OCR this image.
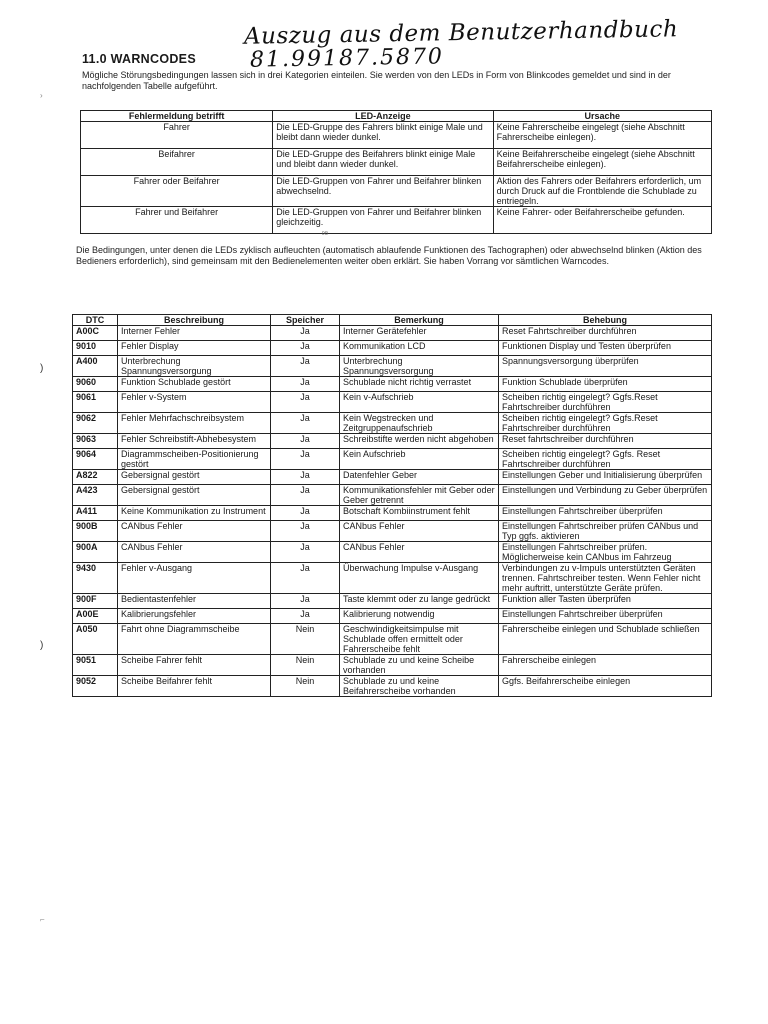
Auszug aus dem Benutzerhandbuch
81.99187.5870
11.0 WARNCODES
Mögliche Störungsbedingungen lassen sich in drei Kategorien einteilen. Sie werden von den LEDs in Form von Blinkcodes gemeldet und sind in der nachfolgenden Tabelle aufgeführt.
Fehlermeldung betrifft	LED-Anzeige	Ursache
Fahrer	Die LED-Gruppe des Fahrers blinkt einige Male und bleibt dann wieder dunkel.	Keine Fahrerscheibe eingelegt (siehe Abschnitt Fahrerscheibe einlegen).
Beifahrer	Die LED-Gruppe des Beifahrers blinkt einige Male und bleibt dann wieder dunkel.	Keine Beifahrerscheibe eingelegt (siehe Abschnitt Beifahrerscheibe einlegen).
Fahrer oder Beifahrer	Die LED-Gruppen von Fahrer und Beifahrer blinken abwechselnd.	Aktion des Fahrers oder Beifahrers erforderlich, um durch Druck auf die Frontblende die Schublade zu entriegeln.
Fahrer und Beifahrer	Die LED-Gruppen von Fahrer und Beifahrer blinken gleichzeitig.	Keine Fahrer- oder Beifahrerscheibe gefunden.
ᴰᴱᴵ
Die Bedingungen, unter denen die LEDs zyklisch aufleuchten (automatisch ablaufende Funktionen des Tachographen) oder abwechselnd blinken (Aktion des Bedieners erforderlich), sind gemeinsam mit den Bedienelementen weiter oben erklärt. Sie haben Vorrang vor sämtlichen Warncodes.
DTC	Beschreibung	Speicher	Bemerkung	Behebung
A00C	Interner Fehler	Ja	Interner Gerätefehler	Reset Fahrtschreiber durchführen
9010	Fehler Display	Ja	Kommunikation LCD	Funktionen Display und Testen überprüfen
A400	Unterbrechung Spannungsversorgung	Ja	Unterbrechung Spannungsversorgung	Spannungsversorgung überprüfen
9060	Funktion Schublade gestört	Ja	Schublade nicht richtig verrastet	Funktion Schublade überprüfen
9061	Fehler v-System	Ja	Kein v-Aufschrieb	Scheiben richtig eingelegt? Ggfs.Reset Fahrtschreiber durchführen
9062	Fehler Mehrfachschreibsystem	Ja	Kein Wegstrecken und Zeitgruppenaufschrieb	Scheiben richtig eingelegt? Ggfs.Reset Fahrtschreiber durchführen
9063	Fehler Schreibstift-Abhebesystem	Ja	Schreibstifte werden nicht abgehoben	Reset fahrtschreiber durchführen
9064	Diagrammscheiben-Positionierung gestört	Ja	Kein Aufschrieb	Scheiben richtig eingelegt? Ggfs. Reset Fahrtschreiber durchführen
A822	Gebersignal gestört	Ja	Datenfehler Geber	Einstellungen Geber und Initialisierung überprüfen
A423	Gebersignal gestört	Ja	Kommunikationsfehler mit Geber oder Geber getrennt	Einstellungen und Verbindung zu Geber überprüfen
A411	Keine Kommunikation zu Instrument	Ja	Botschaft Kombiinstrument fehlt	Einstellungen Fahrtschreiber überprüfen
900B	CANbus Fehler	Ja	CANbus Fehler	Einstellungen Fahrtschreiber prüfen CANbus und Typ ggfs. aktivieren
900A	CANbus Fehler	Ja	CANbus Fehler	Einstellungen Fahrtschreiber prüfen. Möglicherweise kein CANbus im Fahrzeug
9430	Fehler v-Ausgang	Ja	Überwachung Impulse v-Ausgang	Verbindungen zu v-Impuls unterstützten Geräten trennen. Fahrtschreiber testen. Wenn Fehler nicht mehr auftritt, unterstützte Geräte prüfen.
900F	Bedientastenfehler	Ja	Taste klemmt oder zu lange gedrückt	Funktion aller Tasten überprüfen
A00E	Kalibrierungsfehler	Ja	Kalibrierung notwendig	Einstellungen Fahrtschreiber überprüfen
A050	Fahrt ohne Diagrammscheibe	Nein	Geschwindigkeitsimpulse mit Schublade offen ermittelt oder Fahrerscheibe fehlt	Fahrerscheibe einlegen und Schublade schließen
9051	Scheibe Fahrer fehlt	Nein	Schublade zu und keine Scheibe vorhanden	Fahrerscheibe einlegen
9052	Scheibe Beifahrer fehlt	Nein	Schublade zu und keine Beifahrerscheibe vorhanden	Ggfs. Beifahrerscheibe einlegen
)
)
›
⌐
